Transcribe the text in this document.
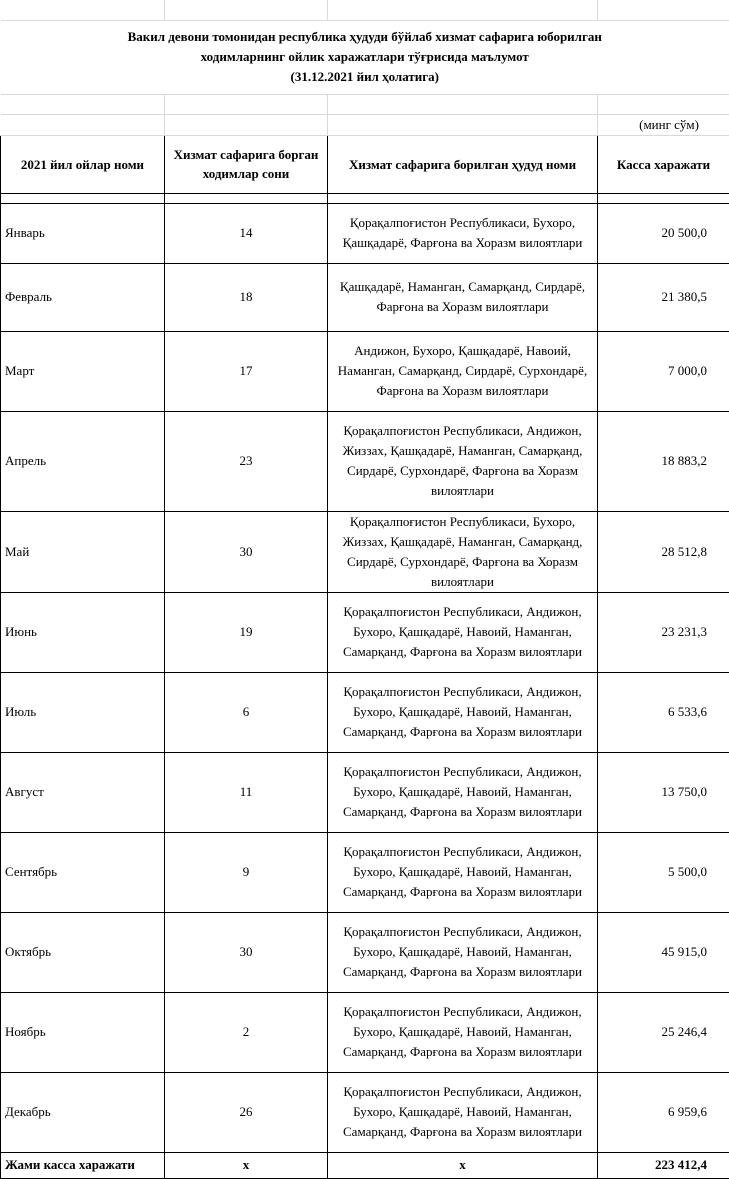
Вакил девони томонидан республика ҳудуди бўйлаб хизмат сафарига юборилган
ходимларнинг ойлик харажатлари тўғрисида маълумот
(31.12.2021 йил ҳолатига)			

			(минг сўм)
2021 йил ойлар номи	Хизмат сафарига борган ходимлар сони	Хизмат сафарига борилган ҳудуд номи	Касса харажати

Январь	14	Қорақалпоғистон Республикаси, Бухоро, Қашқадарё, Фарғона ва Хоразм вилоятлари	20 500,0
Февраль	18	Қашқадарё, Наманган, Самарқанд, Сирдарё, Фарғона ва Хоразм вилоятлари	21 380,5
Март	17	Андижон, Бухоро, Қашқадарё, Навоий, Наманган, Самарқанд, Сирдарё, Сурхондарё, Фарғона ва Хоразм вилоятлари	7 000,0
Апрель	23	Қорақалпоғистон Республикаси, Андижон, Жиззах, Қашқадарё, Наманган, Самарқанд, Сирдарё, Сурхондарё, Фарғона ва Хоразм вилоятлари	18 883,2
Май	30	Қорақалпоғистон Республикаси, Бухоро, Жиззах, Қашқадарё, Наманган, Самарқанд, Сирдарё, Сурхондарё, Фарғона ва Хоразм вилоятлари	28 512,8
Июнь	19	Қорақалпоғистон Республикаси, Андижон, Бухоро, Қашқадарё, Навоий, Наманган, Самарқанд, Фарғона ва Хоразм вилоятлари	23 231,3
Июль	6	Қорақалпоғистон Республикаси, Андижон, Бухоро, Қашқадарё, Навоий, Наманган, Самарқанд, Фарғона ва Хоразм вилоятлари	6 533,6
Август	11	Қорақалпоғистон Республикаси, Андижон, Бухоро, Қашқадарё, Навоий, Наманган, Самарқанд, Фарғона ва Хоразм вилоятлари	13 750,0
Сентябрь	9	Қорақалпоғистон Республикаси, Андижон, Бухоро, Қашқадарё, Навоий, Наманган, Самарқанд, Фарғона ва Хоразм вилоятлари	5 500,0
Октябрь	30	Қорақалпоғистон Республикаси, Андижон, Бухоро, Қашқадарё, Навоий, Наманган, Самарқанд, Фарғона ва Хоразм вилоятлари	45 915,0
Ноябрь	2	Қорақалпоғистон Республикаси, Андижон, Бухоро, Қашқадарё, Навоий, Наманган, Самарқанд, Фарғона ва Хоразм вилоятлари	25 246,4
Декабрь	26	Қорақалпоғистон Республикаси, Андижон, Бухоро, Қашқадарё, Навоий, Наманган, Самарқанд, Фарғона ва Хоразм вилоятлари	6 959,6
Жами касса харажати	x	x	223 412,4
